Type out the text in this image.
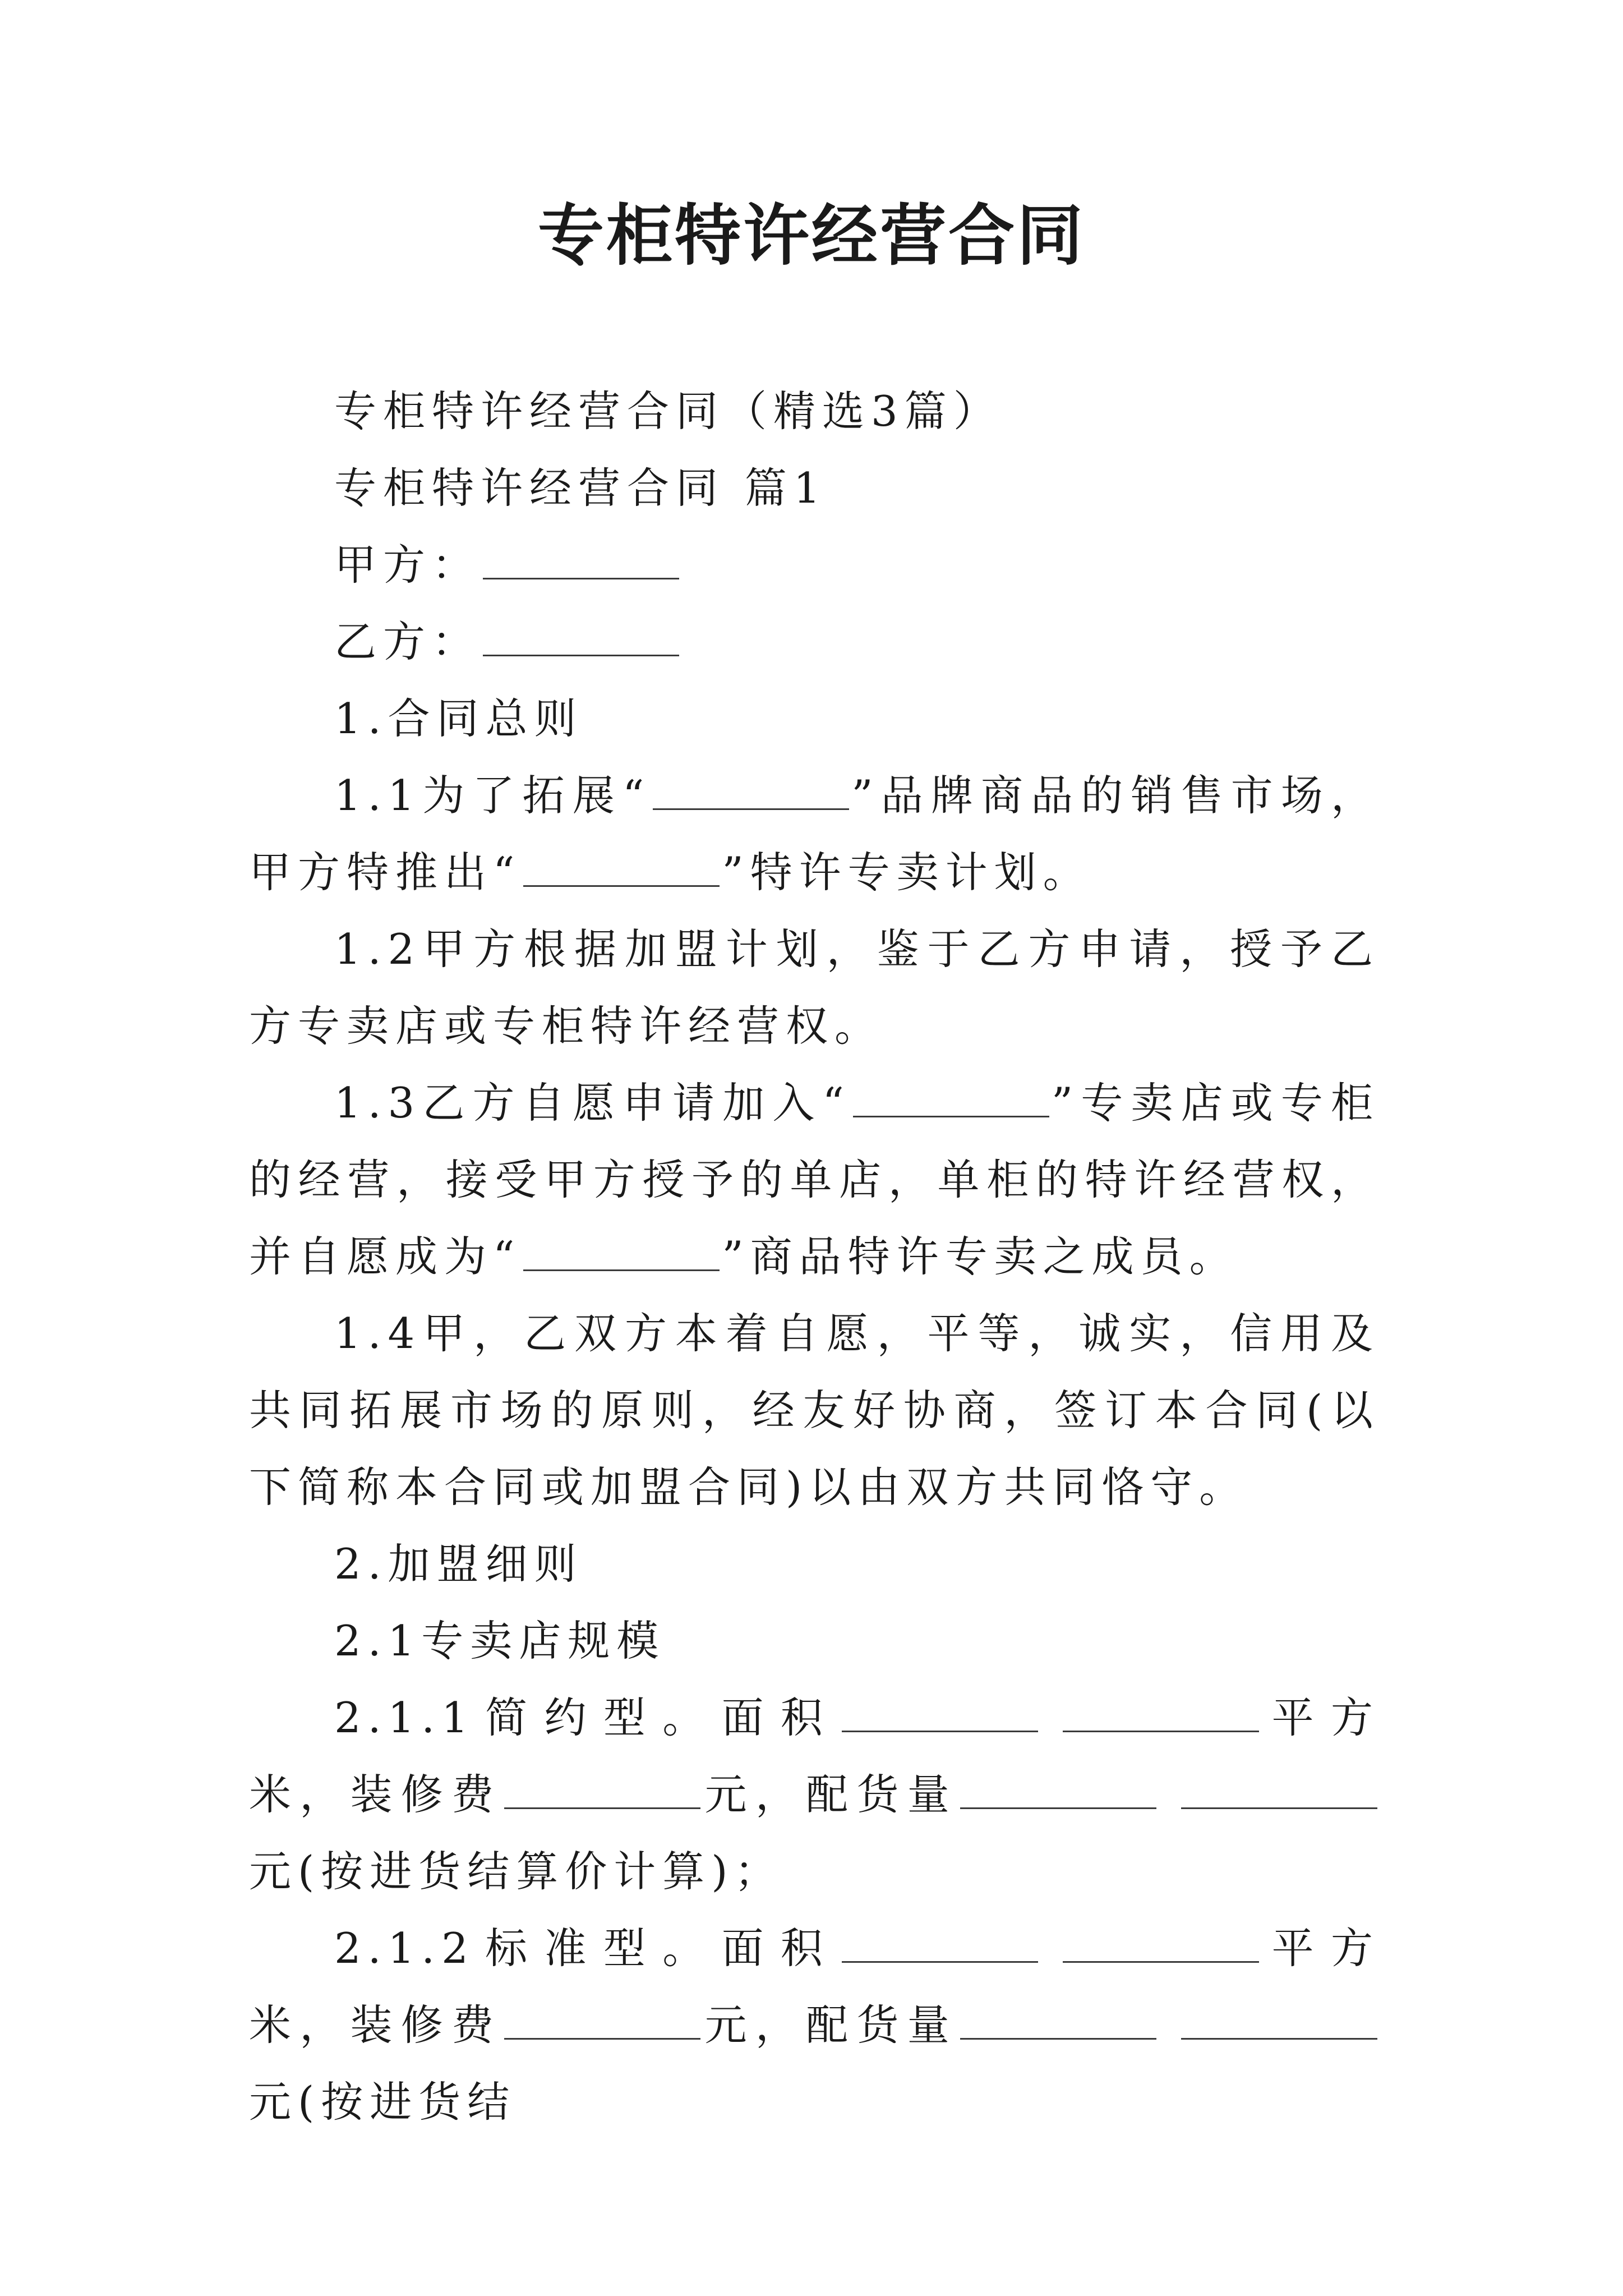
专柜特许经营合同

专柜特许经营合同（精选3篇）

专柜特许经营合同 篇1

甲方：

乙方：

1.合同总则

1.1为了拓展“	”品牌商品的销售市场，甲方特推出“	”特许专卖计划。

1.2甲方根据加盟计划，鉴于乙方申请，授予乙方专卖店或专柜特许经营权。

1.3乙方自愿申请加入“	”专卖店或专柜的经营，接受甲方授予的单店，单柜的特许经营权，并自愿成为“	”商品特许专卖之成员。

1.4甲，乙双方本着自愿，平等，诚实，信用及共同拓展市场的原则，经友好协商，签订本合同(以下简称本合同或加盟合同)以由双方共同恪守。

2.加盟细则

2.1专卖店规模

2.1.1简约型。面积	平方米，装修费	元，配货量元(按进货结算价计算)；

2.1.2标准型。面积	平方米，装修费	元，配货量元(按进货结
